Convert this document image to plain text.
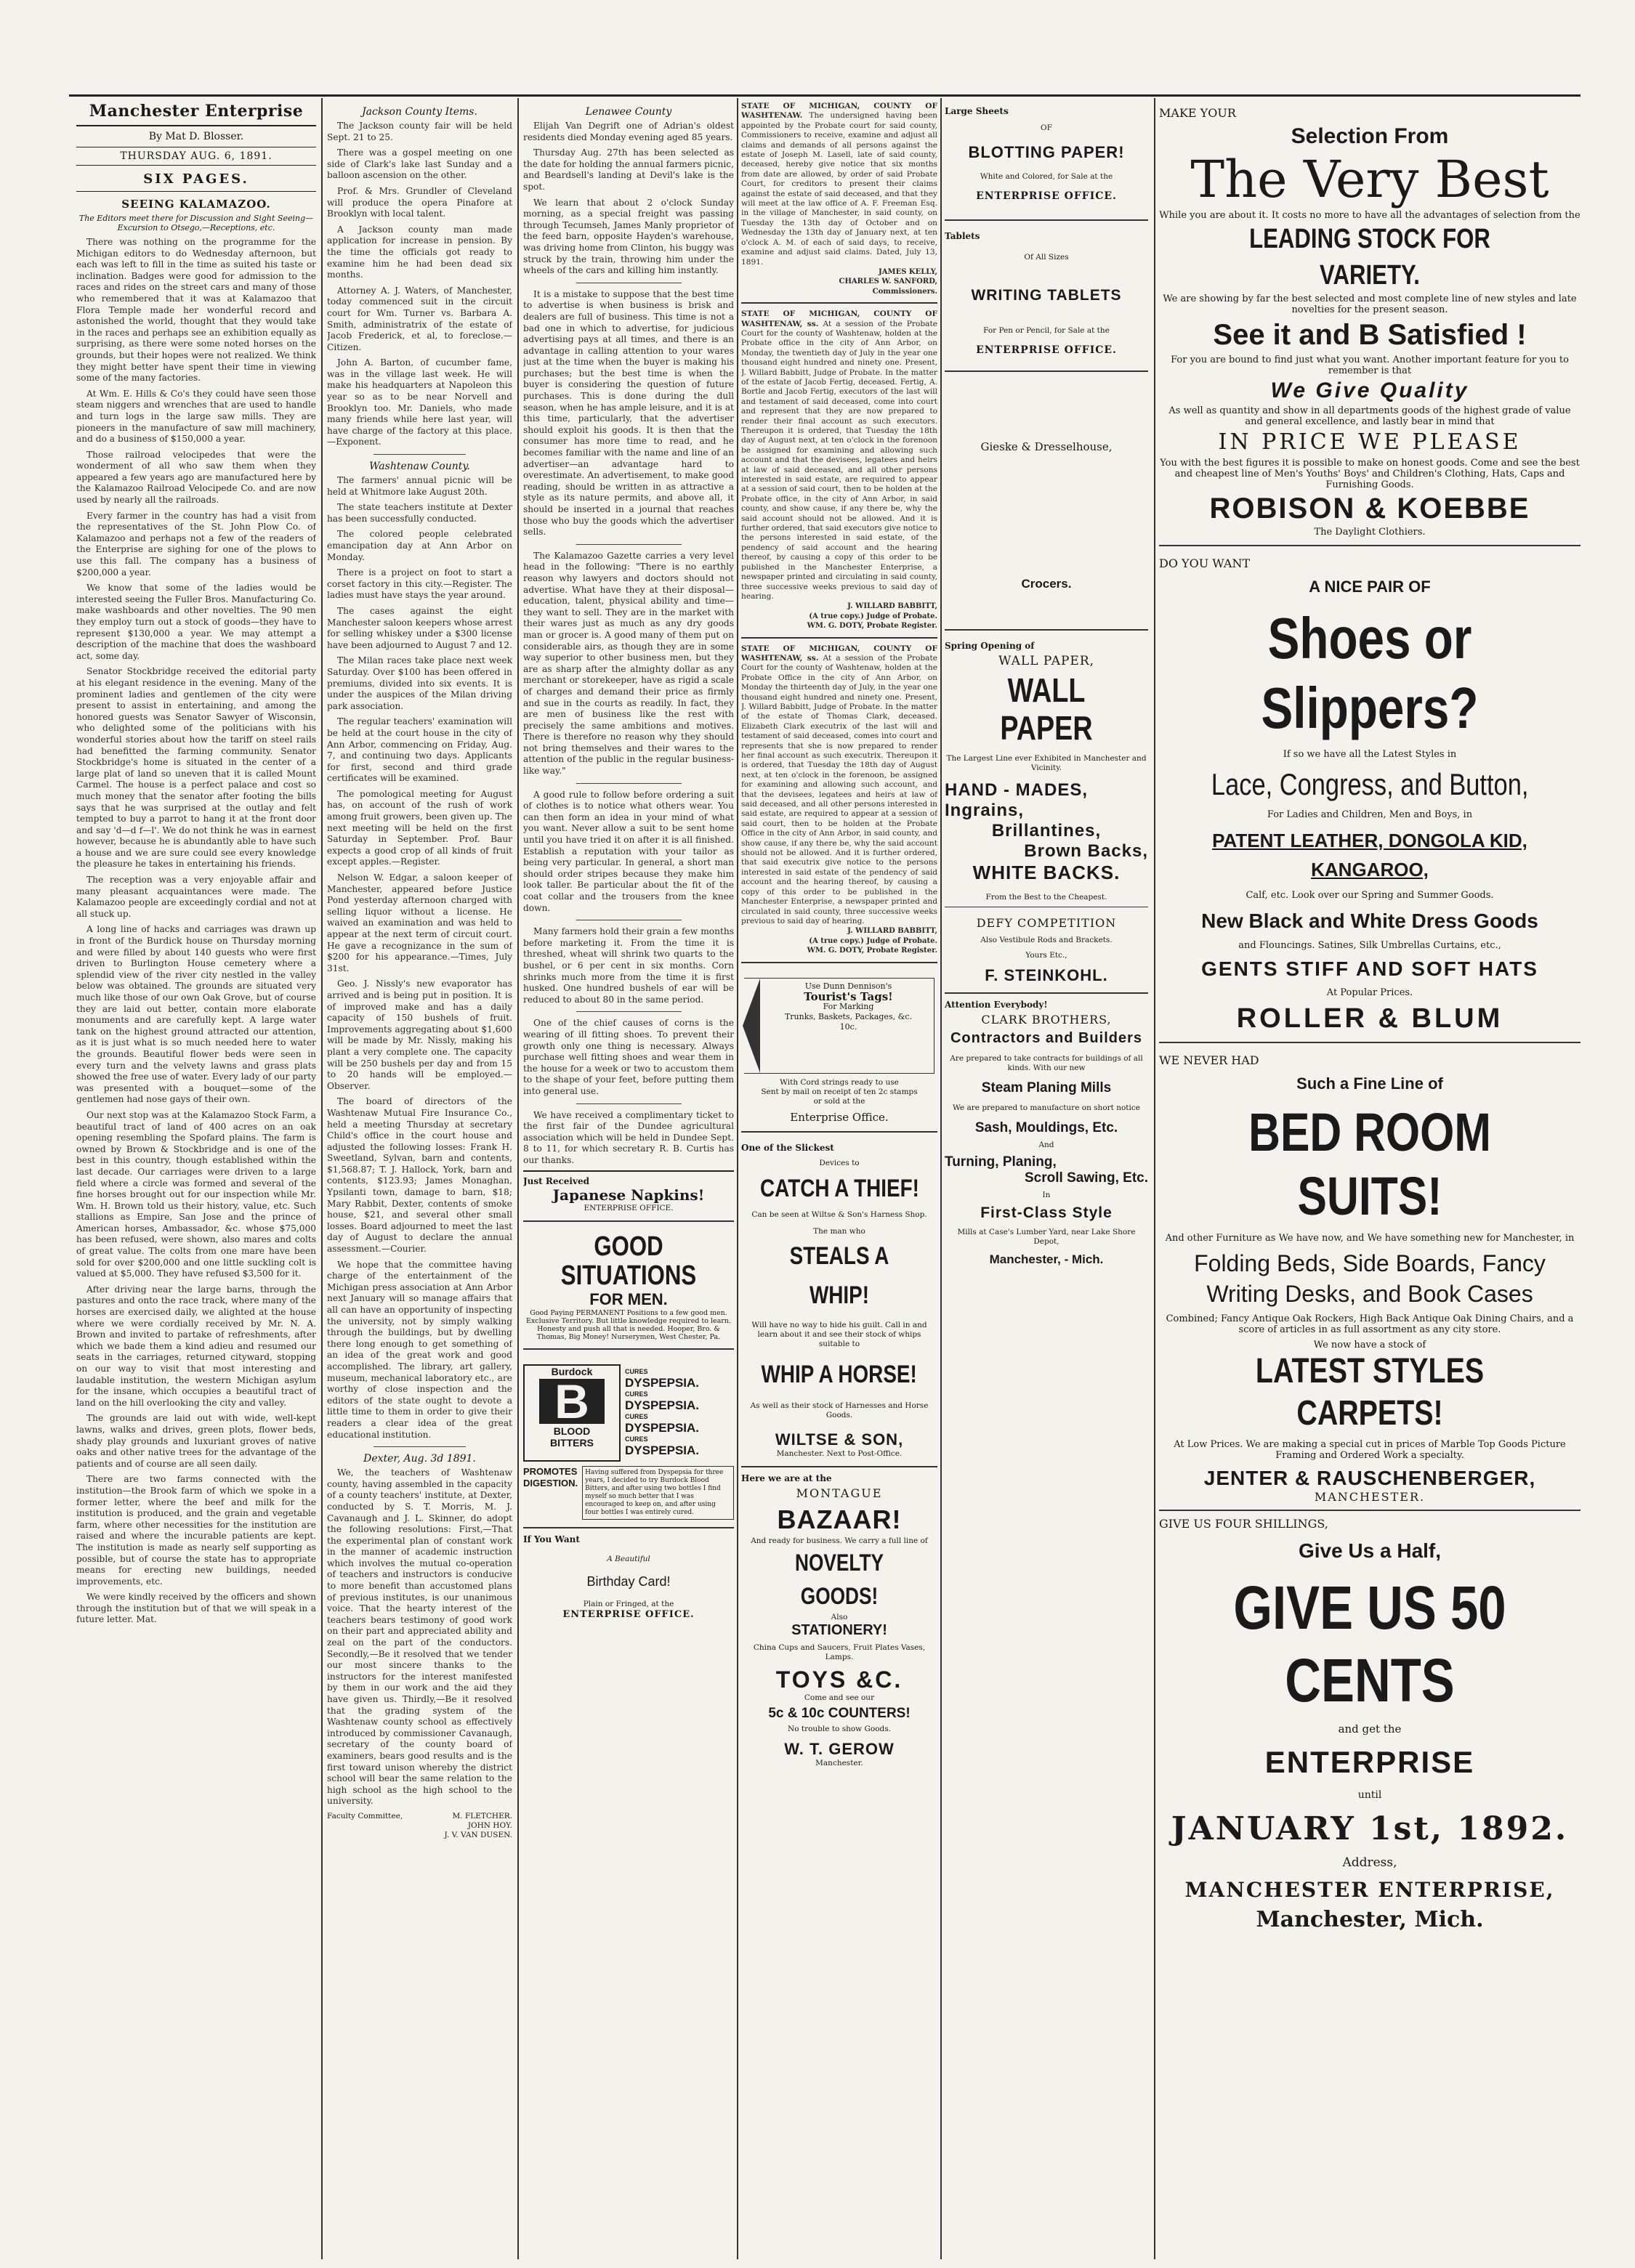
Manchester Enterprise
By Mat D. Blosser.
THURSDAY AUG. 6, 1891.
SIX PAGES.
SEEING KALAMAZOO.
The Editors meet there for Discussion and Sight Seeing—Excursion to Otsego,—Receptions, etc.

There was nothing on the programme for the Michigan editors to do Wednesday afternoon, but each was left to fill in the time as suited his taste or inclination. Badges were good for admission to the races and rides on the street cars and many of those who remembered that it was at Kalamazoo that Flora Temple made her wonderful record and astonished the world, thought that they would take in the races and perhaps see an exhibition equally as surprising, as there were some noted horses on the grounds, but their hopes were not realized. We think they might better have spent their time in viewing some of the many factories.

At Wm. E. Hills & Co's they could have seen those steam niggers and wrenches that are used to handle and turn logs in the large saw mills. They are pioneers in the manufacture of saw mill machinery, and do a business of $150,000 a year.

Those railroad velocipedes that were the wonderment of all who saw them when they appeared a few years ago are manufactured here by the Kalamazoo Railroad Velocipede Co. and are now used by nearly all the railroads.

Every farmer in the country has had a visit from the representatives of the St. John Plow Co. of Kalamazoo and perhaps not a few of the readers of the Enterprise are sighing for one of the plows to use this fall. The company has a business of $200,000 a year.

We know that some of the ladies would be interested seeing the Fuller Bros. Manufacturing Co. make washboards and other novelties. The 90 men they employ turn out a stock of goods—they have to represent $130,000 a year. We may attempt a description of the machine that does the washboard act, some day.

Senator Stockbridge received the editorial party at his elegant residence in the evening. Many of the prominent ladies and gentlemen of the city were present to assist in entertaining, and among the honored guests was Senator Sawyer of Wisconsin, who delighted some of the politicians with his wonderful stories about how the tariff on steel rails had benefitted the farming community. Senator Stockbridge's home is situated in the center of a large plat of land so uneven that it is called Mount Carmel. The house is a perfect palace and cost so much money that the senator after footing the bills says that he was surprised at the outlay and felt tempted to buy a parrot to hang it at the front door and say 'd—d f—l'. We do not think he was in earnest however, because he is abundantly able to have such a house and we are sure could see every knowledge the pleasure he takes in entertaining his friends.

The reception was a very enjoyable affair and many pleasant acquaintances were made. The Kalamazoo people are exceedingly cordial and not at all stuck up.

A long line of hacks and carriages was drawn up in front of the Burdick house on Thursday morning and were filled by about 140 guests who were first driven to Burlington House cemetery where a splendid view of the river city nestled in the valley below was obtained. The grounds are situated very much like those of our own Oak Grove, but of course they are laid out better, contain more elaborate monuments and are carefully kept. A large water tank on the highest ground attracted our attention, as it is just what is so much needed here to water the grounds. Beautiful flower beds were seen in every turn and the velvety lawns and grass plats showed the free use of water. Every lady of our party was presented with a bouquet—some of the gentlemen had nose gays of their own.

Our next stop was at the Kalamazoo Stock Farm, a beautiful tract of land of 400 acres on an oak opening resembling the Spofard plains. The farm is owned by Brown & Stockbridge and is one of the best in this country, though established within the last decade. Our carriages were driven to a large field where a circle was formed and several of the fine horses brought out for our inspection while Mr. Wm. H. Brown told us their history, value, etc. Such stallions as Empire, San Jose and the prince of American horses, Ambassador, &c. whose $75,000 has been refused, were shown, also mares and colts of great value. The colts from one mare have been sold for over $200,000 and one little suckling colt is valued at $5,000. They have refused $3,500 for it.

After driving near the large barns, through the pastures and onto the race track, where many of the horses are exercised daily, we alighted at the house where we were cordially received by Mr. N. A. Brown and invited to partake of refreshments, after which we bade them a kind adieu and resumed our seats in the carriages, returned cityward, stopping on our way to visit that most interesting and laudable institution, the western Michigan asylum for the insane, which occupies a beautiful tract of land on the hill overlooking the city and valley.

The grounds are laid out with wide, well-kept lawns, walks and drives, green plots, flower beds, shady play grounds and luxuriant groves of native oaks and other native trees for the advantage of the patients and of course are all seen daily.

There are two farms connected with the institution—the Brook farm of which we spoke in a former letter, where the beef and milk for the institution is produced, and the grain and vegetable farm, where other necessities for the institution are raised and where the incurable patients are kept. The institution is made as nearly self supporting as possible, but of course the state has to appropriate means for erecting new buildings, needed improvements, etc.

We were kindly received by the officers and shown through the institution but of that we will speak in a future letter. Mat.

Jackson County Items.

The Jackson county fair will be held Sept. 21 to 25.

There was a gospel meeting on one side of Clark's lake last Sunday and a balloon ascension on the other.

Prof. & Mrs. Grundler of Cleveland will produce the opera Pinafore at Brooklyn with local talent.

A Jackson county man made application for increase in pension. By the time the officials got ready to examine him he had been dead six months.

Attorney A. J. Waters, of Manchester, today commenced suit in the circuit court for Wm. Turner vs. Barbara A. Smith, administratrix of the estate of Jacob Frederick, et al, to foreclose.—Citizen.

John A. Barton, of cucumber fame, was in the village last week. He will make his headquarters at Napoleon this year so as to be near Norvell and Brooklyn too. Mr. Daniels, who made many friends while here last year, will have charge of the factory at this place.—Exponent.

Washtenaw County.

The farmers' annual picnic will be held at Whitmore lake August 20th.

The state teachers institute at Dexter has been successfully conducted.

The colored people celebrated emancipation day at Ann Arbor on Monday.

There is a project on foot to start a corset factory in this city.—Register. The ladies must have stays the year around.

The cases against the eight Manchester saloon keepers whose arrest for selling whiskey under a $300 license have been adjourned to August 7 and 12.

The Milan races take place next week Saturday. Over $100 has been offered in premiums, divided into six events. It is under the auspices of the Milan driving park association.

The regular teachers' examination will be held at the court house in the city of Ann Arbor, commencing on Friday, Aug. 7, and continuing two days. Applicants for first, second and third grade certificates will be examined.

The pomological meeting for August has, on account of the rush of work among fruit growers, been given up. The next meeting will be held on the first Saturday in September. Prof. Baur expects a good crop of all kinds of fruit except apples.—Register.

Nelson W. Edgar, a saloon keeper of Manchester, appeared before Justice Pond yesterday afternoon charged with selling liquor without a license. He waived an examination and was held to appear at the next term of circuit court. He gave a recognizance in the sum of $200 for his appearance.—Times, July 31st.

Geo. J. Nissly's new evaporator has arrived and is being put in position. It is of improved make and has a daily capacity of 150 bushels of fruit. Improvements aggregating about $1,600 will be made by Mr. Nissly, making his plant a very complete one. The capacity will be 250 bushels per day and from 15 to 20 hands will be employed.—Observer.

The board of directors of the Washtenaw Mutual Fire Insurance Co., held a meeting Thursday at secretary Child's office in the court house and adjusted the following losses: Frank H. Sweetland, Sylvan, barn and contents, $1,568.87; T. J. Hallock, York, barn and contents, $123.93; James Monaghan, Ypsilanti town, damage to barn, $18; Mary Rabbit, Dexter, contents of smoke house, $21, and several other small losses. Board adjourned to meet the last day of August to declare the annual assessment.—Courier.

We hope that the committee having charge of the entertainment of the Michigan press association at Ann Arbor next January will so manage affairs that all can have an opportunity of inspecting the university, not by simply walking through the buildings, but by dwelling there long enough to get something of an idea of the great work and good accomplished. The library, art gallery, museum, mechanical laboratory etc., are worthy of close inspection and the editors of the state ought to devote a little time to them in order to give their readers a clear idea of the great educational institution.

Dexter, Aug. 3d 1891.

We, the teachers of Washtenaw county, having assembled in the capacity of a county teachers' institute, at Dexter, conducted by S. T. Morris, M. J. Cavanaugh and J. L. Skinner, do adopt the following resolutions: First,—That the experimental plan of constant work in the manner of academic instruction which involves the mutual co-operation of teachers and instructors is conducive to more benefit than accustomed plans of previous institutes, is our unanimous voice. That the hearty interest of the teachers bears testimony of good work on their part and appreciated ability and zeal on the part of the conductors. Secondly,—Be it resolved that we tender our most sincere thanks to the instructors for the interest manifested by them in our work and the aid they have given us. Thirdly,—Be it resolved that the grading system of the Washtenaw county school as effectively introduced by commissioner Cavanaugh, secretary of the county board of examiners, bears good results and is the first toward unison whereby the district school will bear the same relation to the high school as the high school to the university.

Faculty Committee,	M. FLETCHER.
JOHN HOY.
J. V. VAN DUSEN.
Lenawee County

Elijah Van Degrift one of Adrian's oldest residents died Monday evening aged 85 years.

Thursday Aug. 27th has been selected as the date for holding the annual farmers picnic, and Beardsell's landing at Devil's lake is the spot.

We learn that about 2 o'clock Sunday morning, as a special freight was passing through Tecumseh, James Manly proprietor of the feed barn, opposite Hayden's warehouse, was driving home from Clinton, his buggy was struck by the train, throwing him under the wheels of the cars and killing him instantly.

It is a mistake to suppose that the best time to advertise is when business is brisk and dealers are full of business. This time is not a bad one in which to advertise, for judicious advertising pays at all times, and there is an advantage in calling attention to your wares just at the time when the buyer is making his purchases; but the best time is when the buyer is considering the question of future purchases. This is done during the dull season, when he has ample leisure, and it is at this time, particularly, that the advertiser should exploit his goods. It is then that the consumer has more time to read, and he becomes familiar with the name and line of an advertiser—an advantage hard to overestimate. An advertisement, to make good reading, should be written in as attractive a style as its nature permits, and above all, it should be inserted in a journal that reaches those who buy the goods which the advertiser sells.

The Kalamazoo Gazette carries a very level head in the following: "There is no earthly reason why lawyers and doctors should not advertise. What have they at their disposal—education, talent, physical ability and time—they want to sell. They are in the market with their wares just as much as any dry goods man or grocer is. A good many of them put on considerable airs, as though they are in some way superior to other business men, but they are as sharp after the almighty dollar as any merchant or storekeeper, have as rigid a scale of charges and demand their price as firmly and sue in the courts as readily. In fact, they are men of business like the rest with precisely the same ambitions and motives. There is therefore no reason why they should not bring themselves and their wares to the attention of the public in the regular business-like way."

A good rule to follow before ordering a suit of clothes is to notice what others wear. You can then form an idea in your mind of what you want. Never allow a suit to be sent home until you have tried it on after it is all finished. Establish a reputation with your tailor as being very particular. In general, a short man should order stripes because they make him look taller. Be particular about the fit of the coat collar and the trousers from the knee down.

Many farmers hold their grain a few months before marketing it. From the time it is threshed, wheat will shrink two quarts to the bushel, or 6 per cent in six months. Corn shrinks much more from the time it is first husked. One hundred bushels of ear will be reduced to about 80 in the same period.

One of the chief causes of corns is the wearing of ill fitting shoes. To prevent their growth only one thing is necessary. Always purchase well fitting shoes and wear them in the house for a week or two to accustom them to the shape of your feet, before putting them into general use.

We have received a complimentary ticket to the first fair of the Dundee agricultural association which will be held in Dundee Sept. 8 to 11, for which secretary R. B. Curtis has our thanks.

Just Received
Japanese Napkins!
ENTERPRISE OFFICE.
GOOD SITUATIONS
FOR MEN.
Good Paying PERMANENT Positions to a few good men. Exclusive Territory. But little knowledge required to learn. Honesty and push all that is needed. Hooper, Bro. & Thomas, Big Money! Nurserymen, West Chester, Pa.
Burdock
B
BLOOD
BITTERS
CURES
DYSPEPSIA.
CURES
DYSPEPSIA.
CURES
DYSPEPSIA.
CURES
DYSPEPSIA.
PROMOTES DIGESTION.
Having suffered from Dyspepsia for three years, I decided to try Burdock Blood Bitters, and after using two bottles I find myself so much better that I was encouraged to keep on, and after using four bottles I was entirely cured.
If You Want
A Beautiful
Birthday Card!
Plain or Fringed, at the
ENTERPRISE OFFICE.
STATE OF MICHIGAN, COUNTY OF WASHTENAW. The undersigned having been appointed by the Probate court for said county, Commissioners to receive, examine and adjust all claims and demands of all persons against the estate of Joseph M. Lasell, late of said county, deceased, hereby give notice that six months from date are allowed, by order of said Probate Court, for creditors to present their claims against the estate of said deceased, and that they will meet at the law office of A. F. Freeman Esq. in the village of Manchester, in said county, on Tuesday the 13th day of October and on Wednesday the 13th day of January next, at ten o'clock A. M. of each of said days, to receive, examine and adjust said claims. Dated, July 13, 1891.
JAMES KELLY,
CHARLES W. SANFORD,
Commissioners.
STATE OF MICHIGAN, COUNTY OF WASHTENAW, ss. At a session of the Probate Court for the county of Washtenaw, holden at the Probate office in the city of Ann Arbor, on Monday, the twentieth day of July in the year one thousand eight hundred and ninety one. Present, J. Willard Babbitt, Judge of Probate. In the matter of the estate of Jacob Fertig, deceased. Fertig, A. Bortle and Jacob Fertig, executors of the last will and testament of said deceased, come into court and represent that they are now prepared to render their final account as such executors. Thereupon it is ordered, that Tuesday the 18th day of August next, at ten o'clock in the forenoon be assigned for examining and allowing such account and that the devisees, legatees and heirs at law of said deceased, and all other persons interested in said estate, are required to appear at a session of said court, then to be holden at the Probate office, in the city of Ann Arbor, in said county, and show cause, if any there be, why the said account should not be allowed. And it is further ordered, that said executors give notice to the persons interested in said estate, of the pendency of said account and the hearing thereof, by causing a copy of this order to be published in the Manchester Enterprise, a newspaper printed and circulating in said county, three successive weeks previous to said day of hearing.
J. WILLARD BABBITT,
(A true copy.) Judge of Probate.
WM. G. DOTY, Probate Register.
STATE OF MICHIGAN, COUNTY OF WASHTENAW, ss. At a session of the Probate Court for the county of Washtenaw, holden at the Probate Office in the city of Ann Arbor, on Monday the thirteenth day of July, in the year one thousand eight hundred and ninety one. Present, J. Willard Babbitt, Judge of Probate. In the matter of the estate of Thomas Clark, deceased. Elizabeth Clark executrix of the last will and testament of said deceased, comes into court and represents that she is now prepared to render her final account as such executrix. Thereupon it is ordered, that Tuesday the 18th day of August next, at ten o'clock in the forenoon, be assigned for examining and allowing such account, and that the devisees, legatees and heirs at law of said deceased, and all other persons interested in said estate, are required to appear at a session of said court, then to be holden at the Probate Office in the city of Ann Arbor, in said county, and show cause, if any there be, why the said account should not be allowed. And it is further ordered, that said executrix give notice to the persons interested in said estate of the pendency of said account and the hearing thereof, by causing a copy of this order to be published in the Manchester Enterprise, a newspaper printed and circulated in said county, three successive weeks previous to said day of hearing.
J. WILLARD BABBITT,
(A true copy.) Judge of Probate.
WM. G. DOTY, Probate Register.
Use Dunn Dennison's
Tourist's Tags!
For Marking
Trunks, Baskets, Packages, &c.
10c.
With Cord strings ready to use
Sent by mail on receipt of ten 2c stamps
or sold at the
Enterprise Office.
One of the Slickest
Devices to
CATCH A THIEF!
Can be seen at Wiltse & Son's Harness Shop.
The man who
STEALS A WHIP!
Will have no way to hide his guilt. Call in and learn about it and see their stock of whips suitable to
WHIP A HORSE!
As well as their stock of Harnesses and Horse Goods.
WILTSE & SON,
Manchester. Next to Post-Office.
Here we are at the
MONTAGUE
BAZAAR!
And ready for business. We carry a full line of
NOVELTY GOODS!
Also
STATIONERY!
China Cups and Saucers, Fruit Plates Vases, Lamps.
TOYS &C.
Come and see our
5c & 10c COUNTERS!
No trouble to show Goods.
W. T. GEROW
Manchester.
Large Sheets
OF
BLOTTING PAPER!
White and Colored, for Sale at the
ENTERPRISE OFFICE.
Tablets
Of All Sizes
WRITING TABLETS
For Pen or Pencil, for Sale at the
ENTERPRISE OFFICE.
Gieske & Dresselhouse,
Crocers.
Spring Opening of
WALL PAPER,
WALL PAPER
The Largest Line ever Exhibited in Manchester and Vicinity.
HAND - MADES,
Ingrains,
Brillantines,
Brown Backs,
WHITE BACKS.
From the Best to the Cheapest.
DEFY COMPETITION
Also Vestibule Rods and Brackets.
Yours Etc.,
F. STEINKOHL.
Attention Everybody!
CLARK BROTHERS,
Contractors and Builders
Are prepared to take contracts for buildings of all kinds. With our new
Steam Planing Mills
We are prepared to manufacture on short notice
Sash, Mouldings, Etc.
And
Turning, Planing,
Scroll Sawing, Etc.
In
First-Class Style
Mills at Case's Lumber Yard, near Lake Shore Depot,
Manchester, - Mich.
MAKE YOUR
Selection From
The Very Best
While you are about it. It costs no more to have all the advantages of selection from the
LEADING STOCK FOR VARIETY.
We are showing by far the best selected and most complete line of new styles and late novelties for the present season.
See it and B Satisfied !
For you are bound to find just what you want. Another important feature for you to remember is that
We Give Quality
As well as quantity and show in all departments goods of the highest grade of value and general excellence, and lastly bear in mind that
IN PRICE WE PLEASE
You with the best figures it is possible to make on honest goods. Come and see the best and cheapest line of Men's Youths' Boys' and Children's Clothing, Hats, Caps and Furnishing Goods.
ROBISON & KOEBBE
The Daylight Clothiers.
DO YOU WANT
A NICE PAIR OF
Shoes or Slippers?
If so we have all the Latest Styles in
Lace, Congress, and Button,
For Ladies and Children, Men and Boys, in
PATENT LEATHER, DONGOLA KID, KANGAROO,
Calf, etc. Look over our Spring and Summer Goods.
New Black and White Dress Goods
and Flouncings. Satines, Silk Umbrellas Curtains, etc.,
GENTS STIFF AND SOFT HATS
At Popular Prices.
ROLLER & BLUM
WE NEVER HAD
Such a Fine Line of
BED ROOM SUITS!
And other Furniture as We have now, and We have something new for Manchester, in
Folding Beds, Side Boards, Fancy Writing Desks, and Book Cases
Combined; Fancy Antique Oak Rockers, High Back Antique Oak Dining Chairs, and a score of articles in as full assortment as any city store.
We now have a stock of
LATEST STYLES CARPETS!
At Low Prices. We are making a special cut in prices of Marble Top Goods Picture Framing and Ordered Work a specialty.
JENTER & RAUSCHENBERGER,
MANCHESTER.
GIVE US FOUR SHILLINGS,
Give Us a Half,
GIVE US 50 CENTS
and get the
ENTERPRISE
until
JANUARY 1st, 1892.
Address,
MANCHESTER ENTERPRISE,
Manchester, Mich.
